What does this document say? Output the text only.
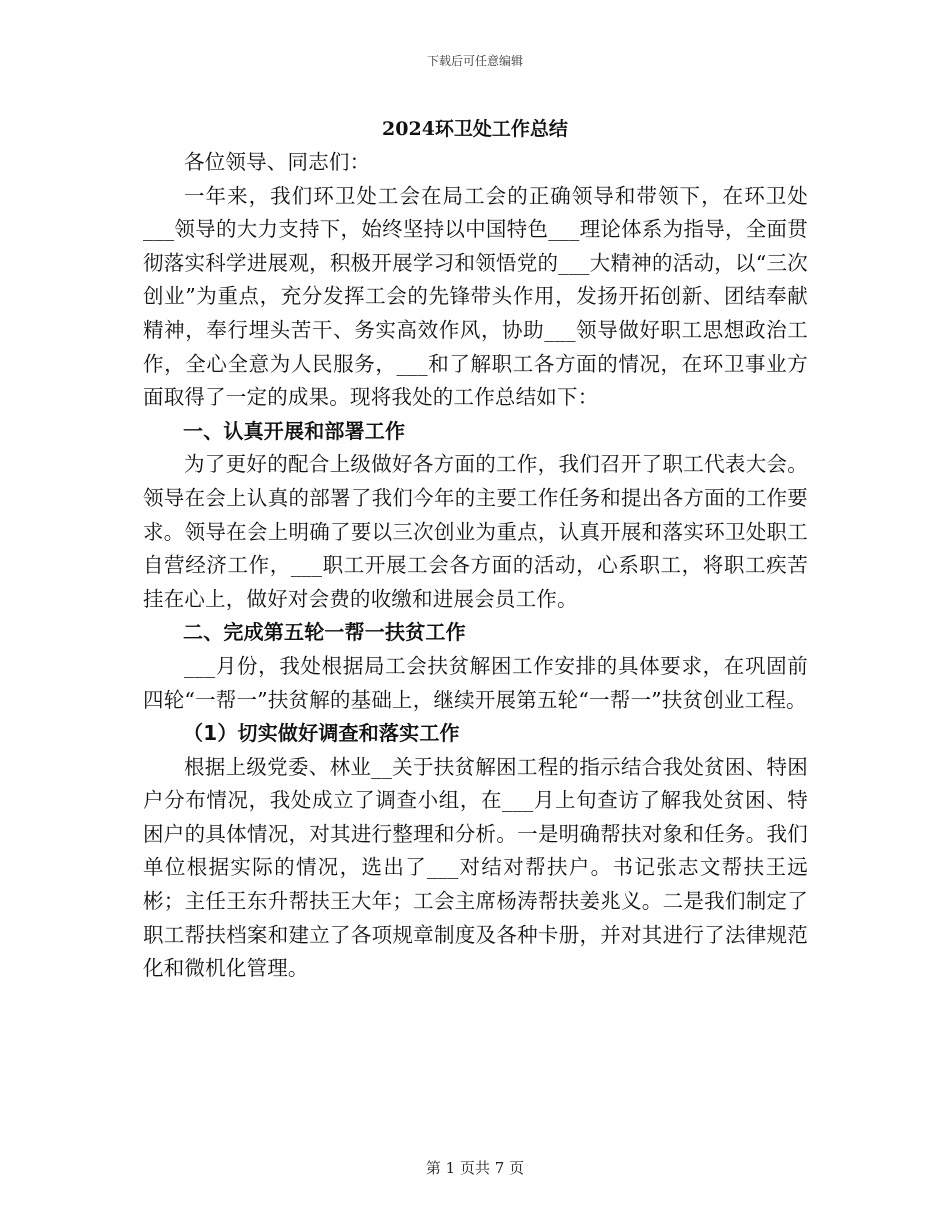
下载后可任意编辑
2024环卫处工作总结

各位领导、同志们：

一年来，我们环卫处工会在局工会的正确领导和带领下，在环卫处___领导的大力支持下，始终坚持以中国特色___理论体系为指导，全面贯彻落实科学进展观，积极开展学习和领悟党的___大精神的活动，以“三次创业”为重点，充分发挥工会的先锋带头作用，发扬开拓创新、团结奉献精神，奉行埋头苦干、务实高效作风，协助___领导做好职工思想政治工作，全心全意为人民服务，___和了解职工各方面的情况，在环卫事业方面取得了一定的成果。现将我处的工作总结如下：

一、认真开展和部署工作

为了更好的配合上级做好各方面的工作，我们召开了职工代表大会。领导在会上认真的部署了我们今年的主要工作任务和提出各方面的工作要求。领导在会上明确了要以三次创业为重点，认真开展和落实环卫处职工自营经济工作，___职工开展工会各方面的活动，心系职工，将职工疾苦挂在心上，做好对会费的收缴和进展会员工作。

二、完成第五轮一帮一扶贫工作

___月份，我处根据局工会扶贫解困工作安排的具体要求，在巩固前四轮“一帮一”扶贫解的基础上，继续开展第五轮“一帮一”扶贫创业工程。

（1）切实做好调查和落实工作

根据上级党委、林业__关于扶贫解困工程的指示结合我处贫困、特困户分布情况，我处成立了调查小组，在___月上旬查访了解我处贫困、特困户的具体情况，对其进行整理和分析。一是明确帮扶对象和任务。我们单位根据实际的情况，选出了___对结对帮扶户。书记张志文帮扶王远彬；主任王东升帮扶王大年；工会主席杨涛帮扶姜兆义。二是我们制定了职工帮扶档案和建立了各项规章制度及各种卡册，并对其进行了法律规范化和微机化管理。

第 1 页共 7 页
